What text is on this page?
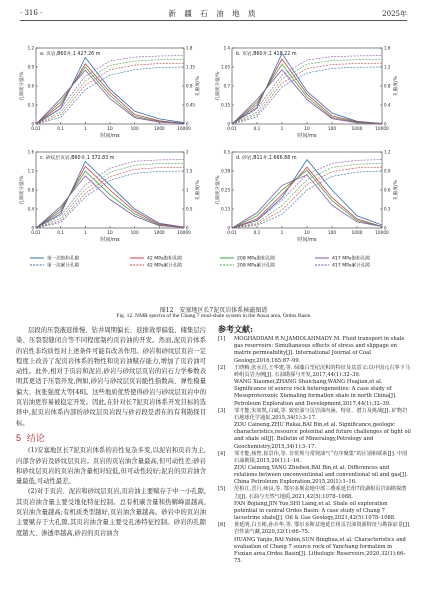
· 316 ·	新 疆 石 油 地 质	2025年
a. 页岩,B60井,1 427.26 m
0.01	0.1	1	10	100	1000	10000
时间/ms
孔隙度分量/%	孔隙度/%
0
0.3
0.6
0.9
1.2
0
0.45
0.9
1.35
1.8
b. 页岩,B60井,1 418.22 m
0.01	0.1	1	10	100	1000	10000
时间/ms
孔隙度分量/%	孔隙度/%
0
0.35
0.7
1.05
1.4
0
0.4
0.8
1.2
1.6
c. 砂纹层页岩,B60井,1 372.83 m
0.01	0.1	1	10	100	1000	10000
时间/ms
孔隙度分量/%	孔隙度/%
0
0.4
0.8
1.2
1.6
0
0.5
1
1.5
2
d. 砂岩,B11井,1 666.88 m
0.01	0.1	1	10	100	1000	10000
时间/ms
孔隙度分量/%	孔隙度/%
0
0.13
0.25
0.38
0.5
0
0.3
0.6
0.9
1.2
第一次饱和孔隙
第一次累计孔隙
42 MPa饱和孔隙
42 MPa累计孔隙
208 MPa饱和孔隙
208 MPa累计孔隙
417 MPa饱和孔隙
417 MPa累计孔隙
图12　安塞地区长7泥页岩体系核磁图谱
Fig. 12. NMR spectra of the Chang 7 mud-shale system in the Ansai area, Ordos Basin

层段的压裂液返排慢、钻井周期偏长、返排效率偏低、储集层污染、压裂裂缝闭合等不同程度制约页岩油的开发。然而,泥页岩体系的岩性非均质性对上述条件可能有改善作用。砂岩和砂纹层页岩一定程度上改善了泥页岩体系的物性和页岩油赋存能力,增加了页岩油可动性。此外,相对于页岩和泥岩,砂岩与砂纹层页岩的岩石力学参数表明其更适于压裂开发,例如,砂岩与砂纹层页岩脆性指数高、弹性模量偏大、抗张强度大等[48]。这些地质优势使得砂岩与砂纹层页岩中的页岩油更容易被稳定开发。因此,在针对长7泥页岩体系开发目标的选择中,泥页岩体系内部的砂纹层页岩段与砂岩段是潜在的有利勘探目标。

5 结论

(1)安塞地区长7泥页岩体系的岩性复杂多变,以泥岩和页岩为主,内部含砂岩及砂纹层页岩。页岩的页岩油含量最高,但可动性差;砂岩和砂纹层页岩的页岩油含量相对较低,但可动性较好;泥岩的页岩油含量最低,可动性最差。

(2)对于页岩、泥岩和砂纹层页岩,页岩油主要赋存于中一小孔隙,其页岩油含量主要受地化特征控制。总有机碳含量和热解峰温越高,页岩油含量越高;有机质类型越好,页岩油含量越高。砂岩中的页岩油主要赋存于大孔隙,其页岩油含量主要受孔渗特征控制。砂岩的孔隙度越大、渗透率越高,砂岩的页岩油含

参考文献:
[1] MOGHADDAM R N,JAMIOLAHMADY M. Fluid transport in shale gas reservoirs: Simultaneous effects of stress and slippage on matrix permeability[J]. International Journal of Coal Geology,2016,165:87–99.
[2] 王晓梅,张水昌,王华建,等. 绿藻白垩纪沉积的特征及其意义:以中国元古界下马岭组页岩为例[J]. 石油勘探与开发,2017,44(1):32–39.
WANG Xiaomei,ZHANG Shuichang,WANG Huajian,et al. Significance of source rock heterogeneities: A case study of Mesoproterozoic Xiamaling formation shale in north China[J]. Petroleum Exploration and Development,2017,44(1):32–39.
[3] 邹才能,朱如凯,白斌,等. 致密油与页岩油内涵、特征、潜力及挑战[J]. 矿物岩石地球化学通报,2015,34(1):3–17.
ZOU Caineng,ZHU Rukai,BAI Bin,et al. Significance,geologic characteristics,resource potential and future challenges of tight oil and shale oil[J]. Bulletin of Mineralogy,Petrology and Geochemistry,2015,34(1):3–17.
[4] 邹才能,杨智,崔景伟,等. 非常规与常规油气“有序聚集”的区别和联系[J]. 中国石油勘探,2015,20(1):1–16.
ZOU Caineng,YANG Zhishen,BAI Bin,et al. Differences and relations between unconventional and conventional oil and gas[J]. China Petroleum Exploration,2015,20(1):1–16.
[5] 范柏江,晋月,师良,等. 鄂尔多斯盆地中部三叠系延长组7段湖相页岩油勘探潜力[J]. 石油与天然气地质,2021,42(5):1078–1088.
FAN Bojiang,JIN Yue,SHI Liang,et al. Shale oil exploration potential in central Ordos Basin: A case study of Chang 7 lacustrine shale[J]. Oil & Gas Geology,2021,42(5):1078–1088.
[6] 黄延明,白玉彬,孙兵华,等. 鄂尔多斯盆地延长组页岩油资源特征与勘探前景[J]. 岩性油气藏,2020,32(1):66–75.
HUANG Yanjie,BAI Yubin,SUN Binghua,et al. Characteristics and evaluation of Chang 7 source rock of Yanchang formation in Fuxian area,Ordos Basin[J]. Lithologic Reservoirs,2020,32(1):66–75.
